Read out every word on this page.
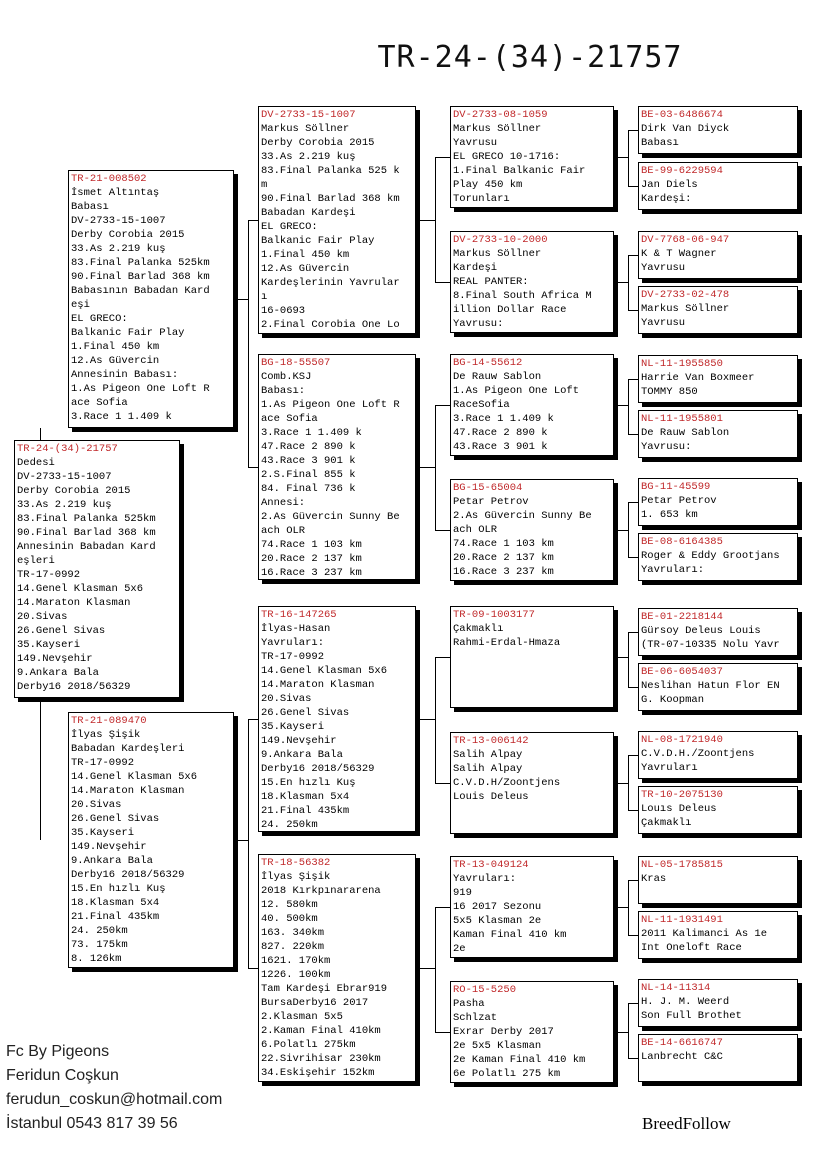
TR-24-(34)-21757
TR-24-(34)-21757
Dedesi
DV-2733-15-1007
Derby Corobia 2015
33.As 2.219 kuş
83.Final Palanka 525km
90.Final Barlad 368 km
Annesinin Babadan Kard
eşleri
TR-17-0992
14.Genel Klasman 5x6
14.Maraton Klasman
20.Sivas
26.Genel Sivas
35.Kayseri
149.Nevşehir
9.Ankara Bala
Derby16 2018/56329
TR-21-008502
İsmet Altıntaş
Babası
DV-2733-15-1007
Derby Corobia 2015
33.As 2.219 kuş
83.Final Palanka 525km
90.Final Barlad 368 km
Babasının Babadan Kard
eşi
EL GRECO:
Balkanic Fair Play
1.Final 450 km
12.As Güvercin
Annesinin Babası:
1.As Pigeon One Loft R
ace Sofia
3.Race 1 1.409 k
TR-21-089470
İlyas Şişik
Babadan Kardeşleri
TR-17-0992
14.Genel Klasman 5x6
14.Maraton Klasman
20.Sivas
26.Genel Sivas
35.Kayseri
149.Nevşehir
9.Ankara Bala
Derby16 2018/56329
15.En hızlı Kuş
18.Klasman 5x4
21.Final 435km
24. 250km
73. 175km
8. 126km
DV-2733-15-1007
Markus Söllner
Derby Corobia 2015
33.As 2.219 kuş
83.Final Palanka 525 k
m
90.Final Barlad 368 km
Babadan Kardeşi
EL GRECO:
Balkanic Fair Play
1.Final 450 km
12.As Güvercin
Kardeşlerinin Yavrular
ı
16-0693
2.Final Corobia One Lo
BG-18-55507
Comb.KSJ
Babası:
1.As Pigeon One Loft R
ace Sofia
3.Race 1 1.409 k
47.Race 2 890 k
43.Race 3 901 k
2.S.Final 855 k
84. Final 736 k
Annesi:
2.As Güvercin Sunny Be
ach OLR
74.Race 1 103 km
20.Race 2 137 km
16.Race 3 237 km
TR-16-147265
İlyas-Hasan
Yavruları:
TR-17-0992
14.Genel Klasman 5x6
14.Maraton Klasman
20.Sivas
26.Genel Sivas
35.Kayseri
149.Nevşehir
9.Ankara Bala
Derby16 2018/56329
15.En hızlı Kuş
18.Klasman 5x4
21.Final 435km
24. 250km
TR-18-56382
İlyas Şişik
2018 Kırkpınararena
12. 580km
40. 500km
163. 340km
827. 220km
1621. 170km
1226. 100km
Tam Kardeşi Ebrar919
BursaDerby16 2017
2.Klasman 5x5
2.Kaman Final 410km
6.Polatlı 275km
22.Sivrihisar 230km
34.Eskişehir 152km
DV-2733-08-1059
Markus Söllner
Yavrusu
EL GRECO 10-1716:
1.Final Balkanic Fair
Play 450 km
Torunları
DV-2733-10-2000
Markus Söllner
Kardeşi
REAL PANTER:
8.Final South Africa M
illion Dollar Race
Yavrusu:
BG-14-55612
De Rauw Sablon
1.As Pigeon One Loft
RaceSofia
3.Race 1 1.409 k
47.Race 2 890 k
43.Race 3 901 k
BG-15-65004
Petar Petrov
2.As Güvercin Sunny Be
ach OLR
74.Race 1 103 km
20.Race 2 137 km
16.Race 3 237 km
TR-09-1003177
Çakmaklı
Rahmi-Erdal-Hmaza
TR-13-006142
Salih Alpay
Salih Alpay
C.V.D.H/Zoontjens
Louis Deleus
TR-13-049124
Yavruları:
919
16 2017 Sezonu
5x5 Klasman 2e
Kaman Final 410 km
2e
RO-15-5250
Pasha
Schlzat
Exrar Derby 2017
2e 5x5 Klasman
2e Kaman Final 410 km
6e Polatlı 275 km
BE-03-6486674
Dirk Van Diyck
Babası
BE-99-6229594
Jan Diels
Kardeşi:
DV-7768-06-947
K & T Wagner
Yavrusu
DV-2733-02-478
Markus Söllner
Yavrusu
NL-11-1955850
Harrie Van Boxmeer
TOMMY 850
NL-11-1955801
De Rauw Sablon
Yavrusu:
BG-11-45599
Petar Petrov
1. 653 km
BE-08-6164385
Roger & Eddy Grootjans
Yavruları:
BE-01-2218144
Gürsoy Deleus Louis
(TR-07-10335 Nolu Yavr
BE-06-6054037
Neslihan Hatun Flor EN
G. Koopman
NL-08-1721940
C.V.D.H./Zoontjens
Yavruları
TR-10-2075130
Louıs Deleus
Çakmaklı
NL-05-1785815
Kras
NL-11-1931491
2011 Kalimanci As 1e
Int Oneloft Race
NL-14-11314
H. J. M. Weerd
Son Full Brothet
BE-14-6616747
Lanbrecht C&C
Fc By Pigeons
Feridun Coşkun
ferudun_coskun@hotmail.com
İstanbul 0543 817 39 56	BreedFollow
